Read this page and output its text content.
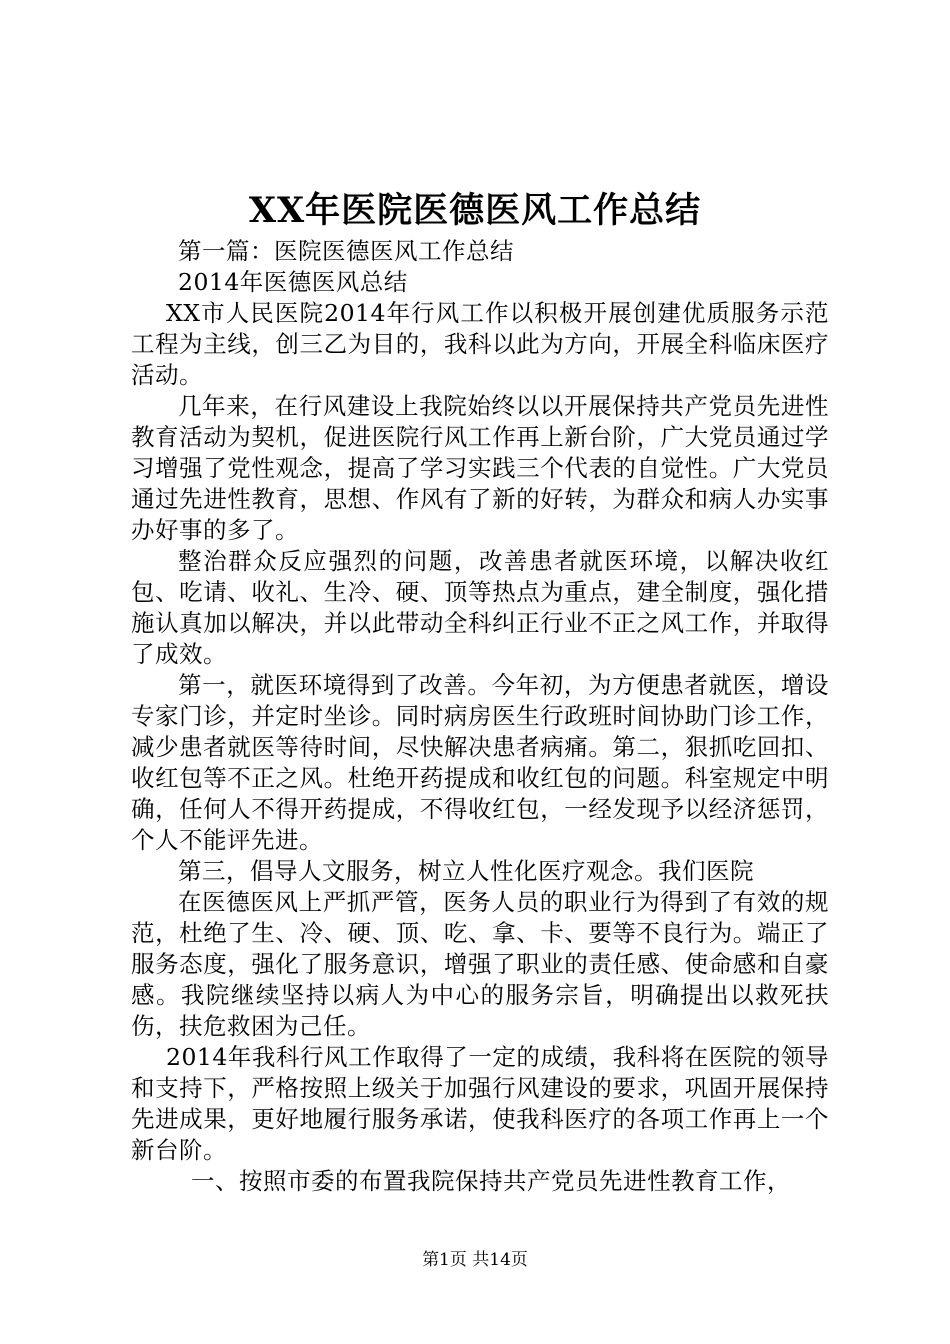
XX年医院医德医风工作总结

第一篇：医院医德医风工作总结

2014年医德医风总结

XX市人民医院2014年行风工作以积极开展创建优质服务示范工程为主线，创三乙为目的，我科以此为方向，开展全科临床医疗活动。

几年来，在行风建设上我院始终以以开展保持共产党员先进性教育活动为契机，促进医院行风工作再上新台阶，广大党员通过学习增强了党性观念，提高了学习实践三个代表的自觉性。广大党员通过先进性教育，思想、作风有了新的好转，为群众和病人办实事办好事的多了。

整治群众反应强烈的问题，改善患者就医环境，以解决收红包、吃请、收礼、生冷、硬、顶等热点为重点，建全制度，强化措施认真加以解决，并以此带动全科纠正行业不正之风工作，并取得了成效。

第一，就医环境得到了改善。今年初，为方便患者就医，增设专家门诊，并定时坐诊。同时病房医生行政班时间协助门诊工作，减少患者就医等待时间，尽快解决患者病痛。第二，狠抓吃回扣、收红包等不正之风。杜绝开药提成和收红包的问题。科室规定中明确，任何人不得开药提成，不得收红包，一经发现予以经济惩罚，个人不能评先进。

第三，倡导人文服务，树立人性化医疗观念。我们医院

在医德医风上严抓严管，医务人员的职业行为得到了有效的规范，杜绝了生、冷、硬、顶、吃、拿、卡、要等不良行为。端正了服务态度，强化了服务意识，增强了职业的责任感、使命感和自豪感。我院继续坚持以病人为中心的服务宗旨，明确提出以救死扶伤，扶危救困为己任。

2014年我科行风工作取得了一定的成绩，我科将在医院的领导和支持下，严格按照上级关于加强行风建设的要求，巩固开展保持先进成果，更好地履行服务承诺，使我科医疗的各项工作再上一个新台阶。

一、按照市委的布置我院保持共产党员先进性教育工作，

第1页 共14页
